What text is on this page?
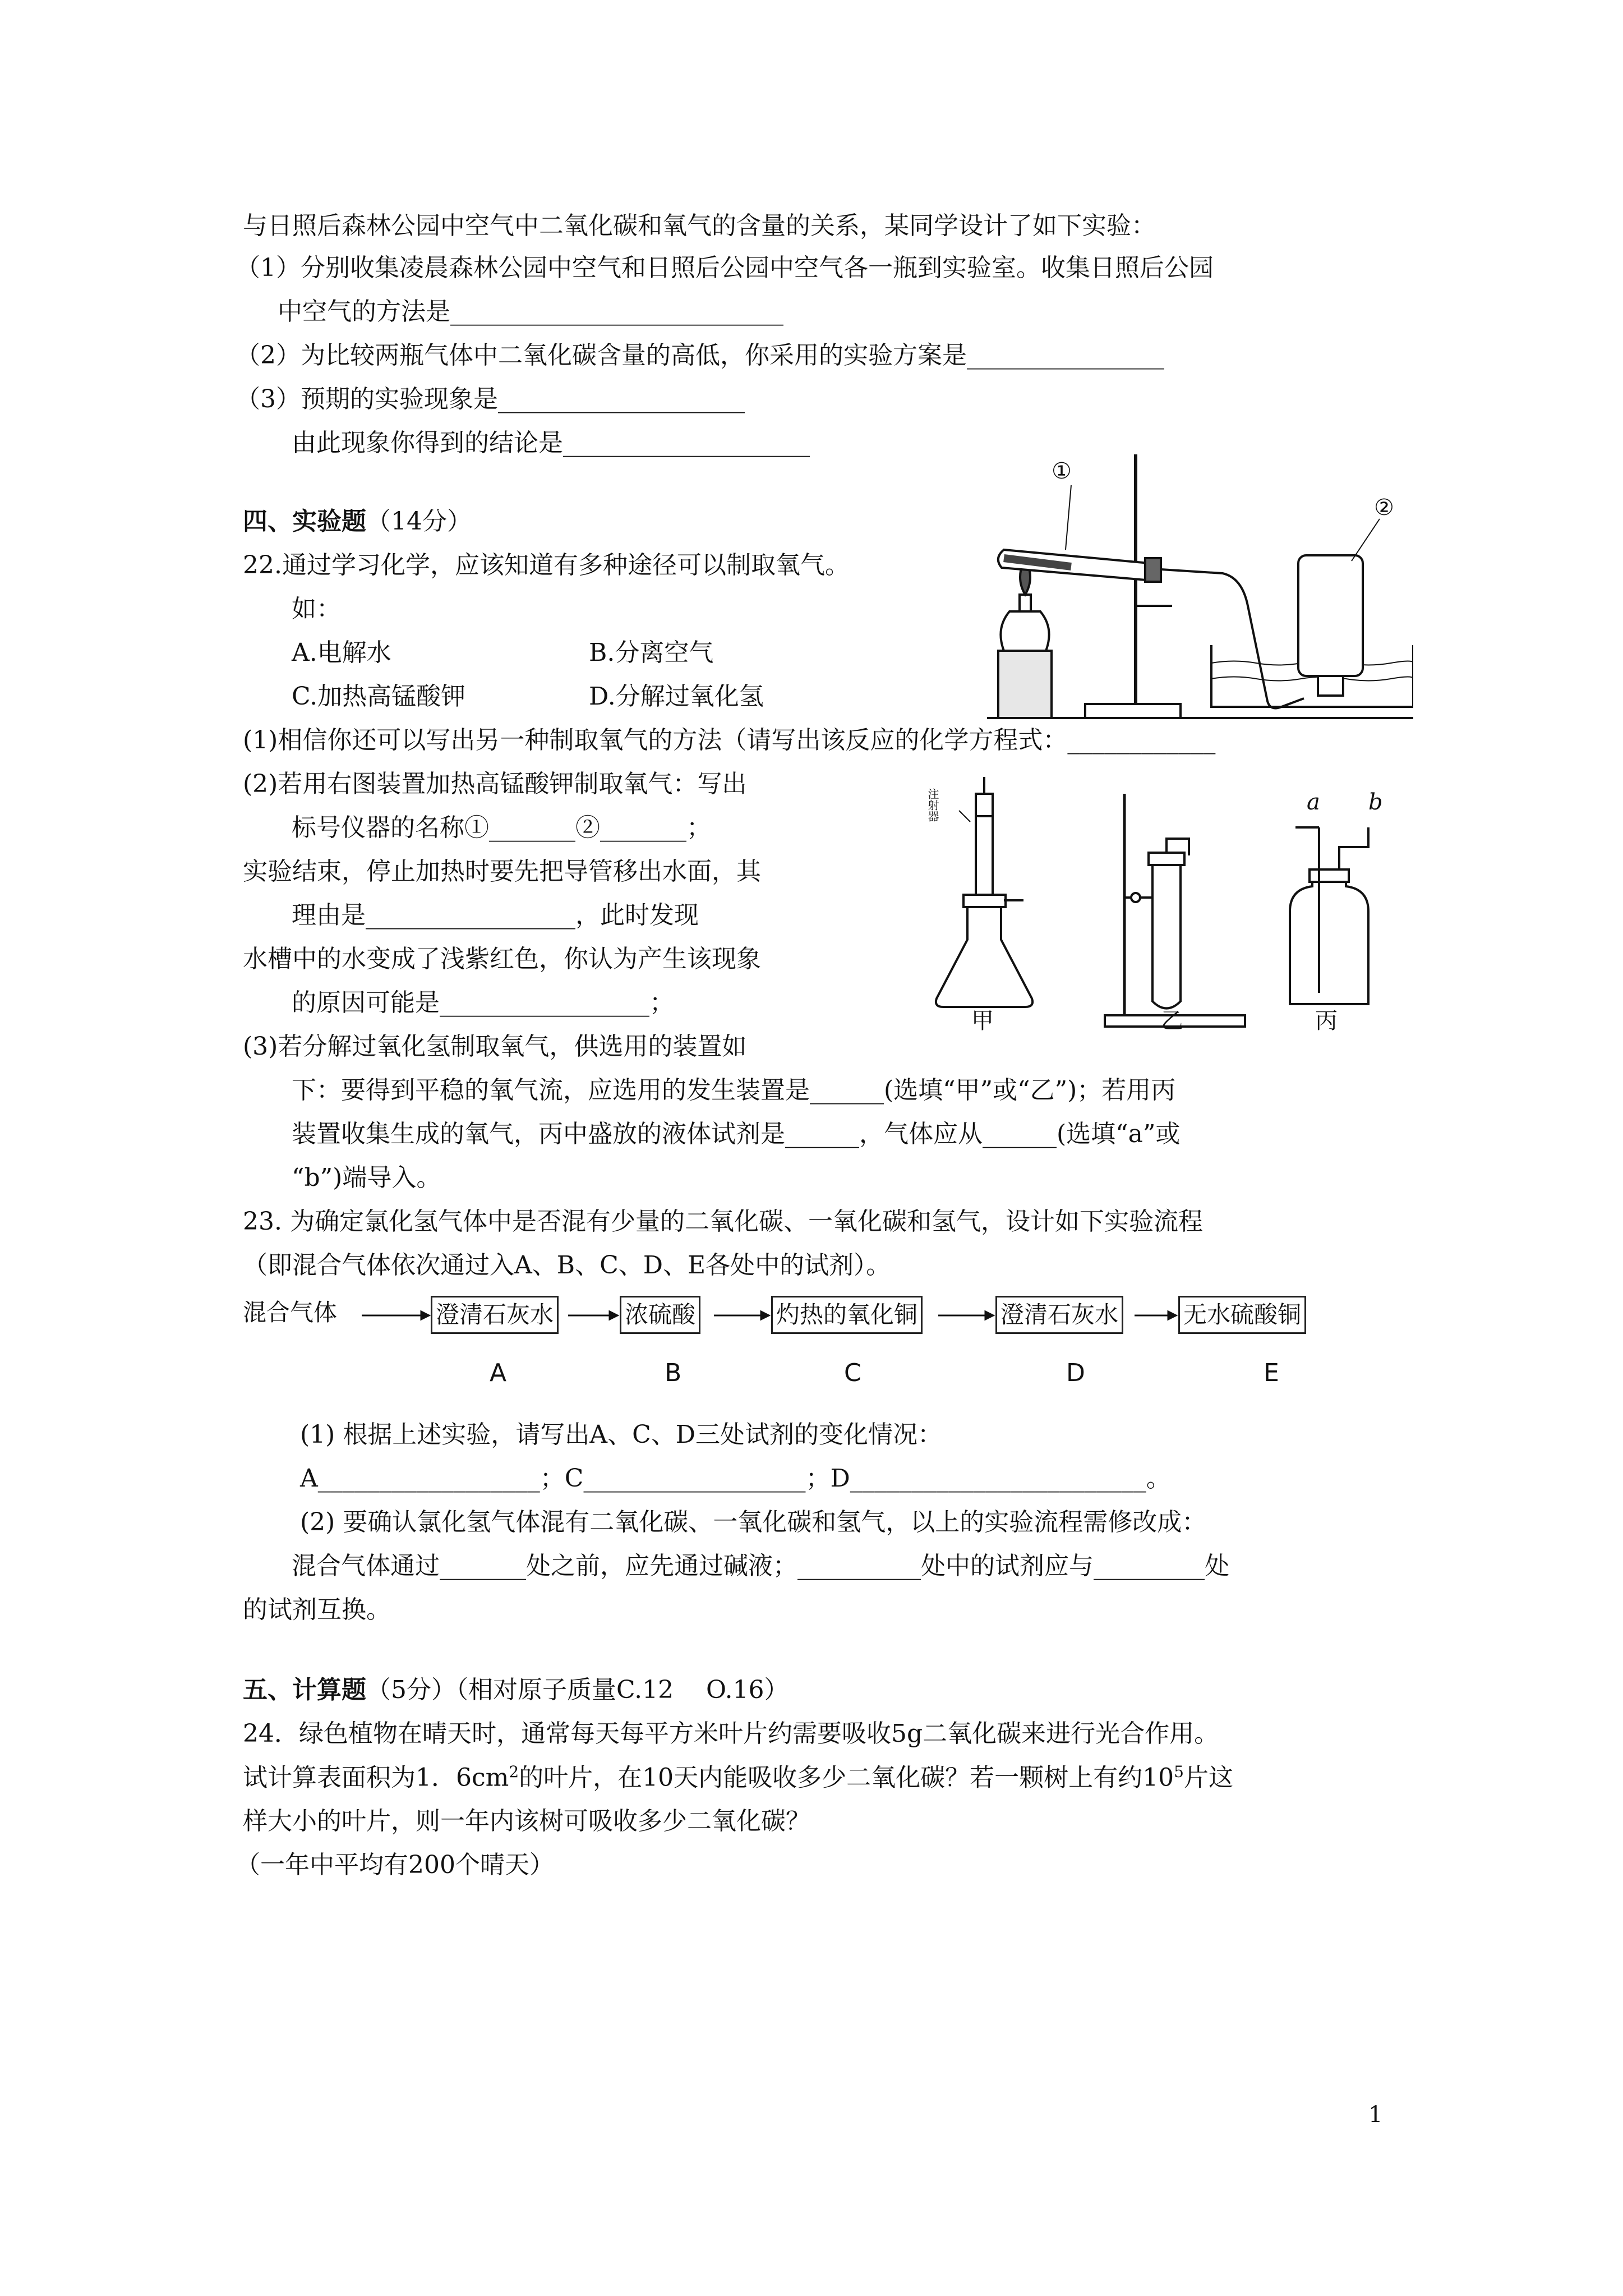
与日照后森林公园中空气中二氧化碳和氧气的含量的关系，某同学设计了如下实验：
（1）分别收集凌晨森林公园中空气和日照后公园中空气各一瓶到实验室。收集日照后公园
中空气的方法是___________________________
（2）为比较两瓶气体中二氧化碳含量的高低，你采用的实验方案是________________
（3）预期的实验现象是____________________
由此现象你得到的结论是____________________
四、实验题（14分）
22.通过学习化学，应该知道有多种途径可以制取氧气。
如：
A.电解水	B.分离空气
C.加热高锰酸钾	D.分解过氧化氢
(1)相信你还可以写出另一种制取氧气的方法（请写出该反应的化学方程式：____________
(2)若用右图装置加热高锰酸钾制取氧气：写出
标号仪器的名称①_______②_______；
实验结束，停止加热时要先把导管移出水面，其
理由是_________________，此时发现
水槽中的水变成了浅紫红色，你认为产生该现象
的原因可能是_________________；
(3)若分解过氧化氢制取氧气，供选用的装置如
下：要得到平稳的氧气流，应选用的发生装置是______(选填“甲”或“乙”)；若用丙
装置收集生成的氧气，丙中盛放的液体试剂是______，气体应从______(选填“a”或
“b”)端导入。
①
②
注射器
甲	乙	丙
a b
23. 为确定氯化氢气体中是否混有少量的二氧化碳、一氧化碳和氢气，设计如下实验流程
（即混合气体依次通过入A、B、C、D、E各处中的试剂）。
混合气体	澄清石灰水	浓硫酸	灼热的氧化铜	澄清石灰水	无水硫酸铜
A	B	C	D	E
(1) 根据上述实验，请写出A、C、D三处试剂的变化情况：
A__________________；C__________________；D________________________。
(2) 要确认氯化氢气体混有二氧化碳、一氧化碳和氢气，以上的实验流程需修改成：
混合气体通过_______处之前，应先通过碱液；__________处中的试剂应与_________处
的试剂互换。
五、计算题（5分）（相对原子质量C.12　 O.16）
24．绿色植物在晴天时，通常每天每平方米叶片约需要吸收5g二氧化碳来进行光合作用。
试计算表面积为1．$6cm^2$的叶片，在10天内能吸收多少二氧化碳？若一颗树上有约$10^5$片这
样大小的叶片，则一年内该树可吸收多少二氧化碳？
（一年中平均有200个晴天）
1
